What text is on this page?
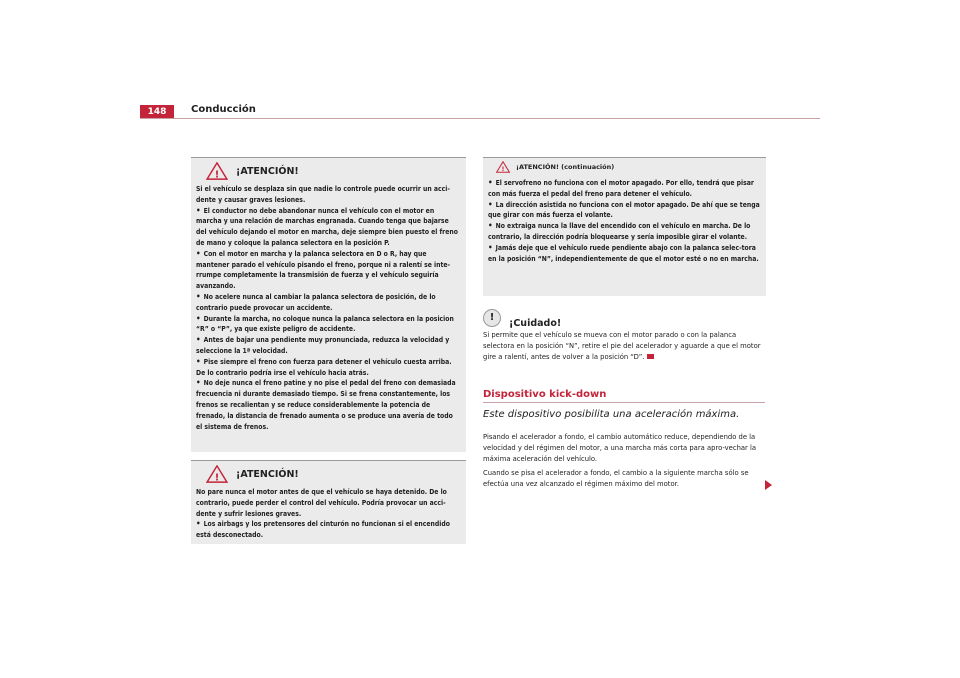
148	Conducción
! ¡ATENCIÓN!

Si el vehículo se desplaza sin que nadie lo controle puede ocurrir un acci-dente y causar graves lesiones.

• El conductor no debe abandonar nunca el vehículo con el motor en marcha y una relación de marchas engranada. Cuando tenga que bajarse del vehículo dejando el motor en marcha, deje siempre bien puesto el freno de mano y coloque la palanca selectora en la posición P.

• Con el motor en marcha y la palanca selectora en D o R, hay que mantener parado el vehículo pisando el freno, porque ni a ralentí se inte-rrumpe completamente la transmisión de fuerza y el vehículo seguiría avanzando.

• No acelere nunca al cambiar la palanca selectora de posición, de lo contrario puede provocar un accidente.

• Durante la marcha, no coloque nunca la palanca selectora en la posicion “R” o “P”, ya que existe peligro de accidente.

• Antes de bajar una pendiente muy pronunciada, reduzca la velocidad y seleccione la 1ª velocidad.

• Pise siempre el freno con fuerza para detener el vehículo cuesta arriba. De lo contrario podría irse el vehículo hacia atrás.

• No deje nunca el freno patine y no pise el pedal del freno con demasiada frecuencia ni durante demasiado tiempo. Si se frena constantemente, los frenos se recalientan y se reduce considerablemente la potencia de frenado, la distancia de frenado aumenta o se produce una avería de todo el sistema de frenos.

! ¡ATENCIÓN!

No pare nunca el motor antes de que el vehículo se haya detenido. De lo contrario, puede perder el control del vehículo. Podría provocar un acci-dente y sufrir lesiones graves.

• Los airbags y los pretensores del cinturón no funcionan si el encendido está desconectado.

! ¡ATENCIÓN! (continuación)

• El servofreno no funciona con el motor apagado. Por ello, tendrá que pisar con más fuerza el pedal del freno para detener el vehículo.

• La dirección asistida no funciona con el motor apagado. De ahí que se tenga que girar con más fuerza el volante.

• No extraiga nunca la llave del encendido con el vehículo en marcha. De lo contrario, la dirección podría bloquearse y sería imposible girar el volante.

• Jamás deje que el vehículo ruede pendiente abajo con la palanca selec-tora en la posición “N”, independientemente de que el motor esté o no en marcha.

!
¡Cuidado!
Si permite que el vehículo se mueva con el motor parado o con la palanca selectora en la posición “N”, retire el pie del acelerador y aguarde a que el motor gire a ralentí, antes de volver a la posición “D”.
Dispositivo kick-down
Este dispositivo posibilita una aceleración máxima.

Pisando el acelerador a fondo, el cambio automático reduce, dependiendo de la velocidad y del régimen del motor, a una marcha más corta para apro-vechar la máxima aceleración del vehículo.

Cuando se pisa el acelerador a fondo, el cambio a la siguiente marcha sólo se efectúa una vez alcanzado el régimen máximo del motor.
